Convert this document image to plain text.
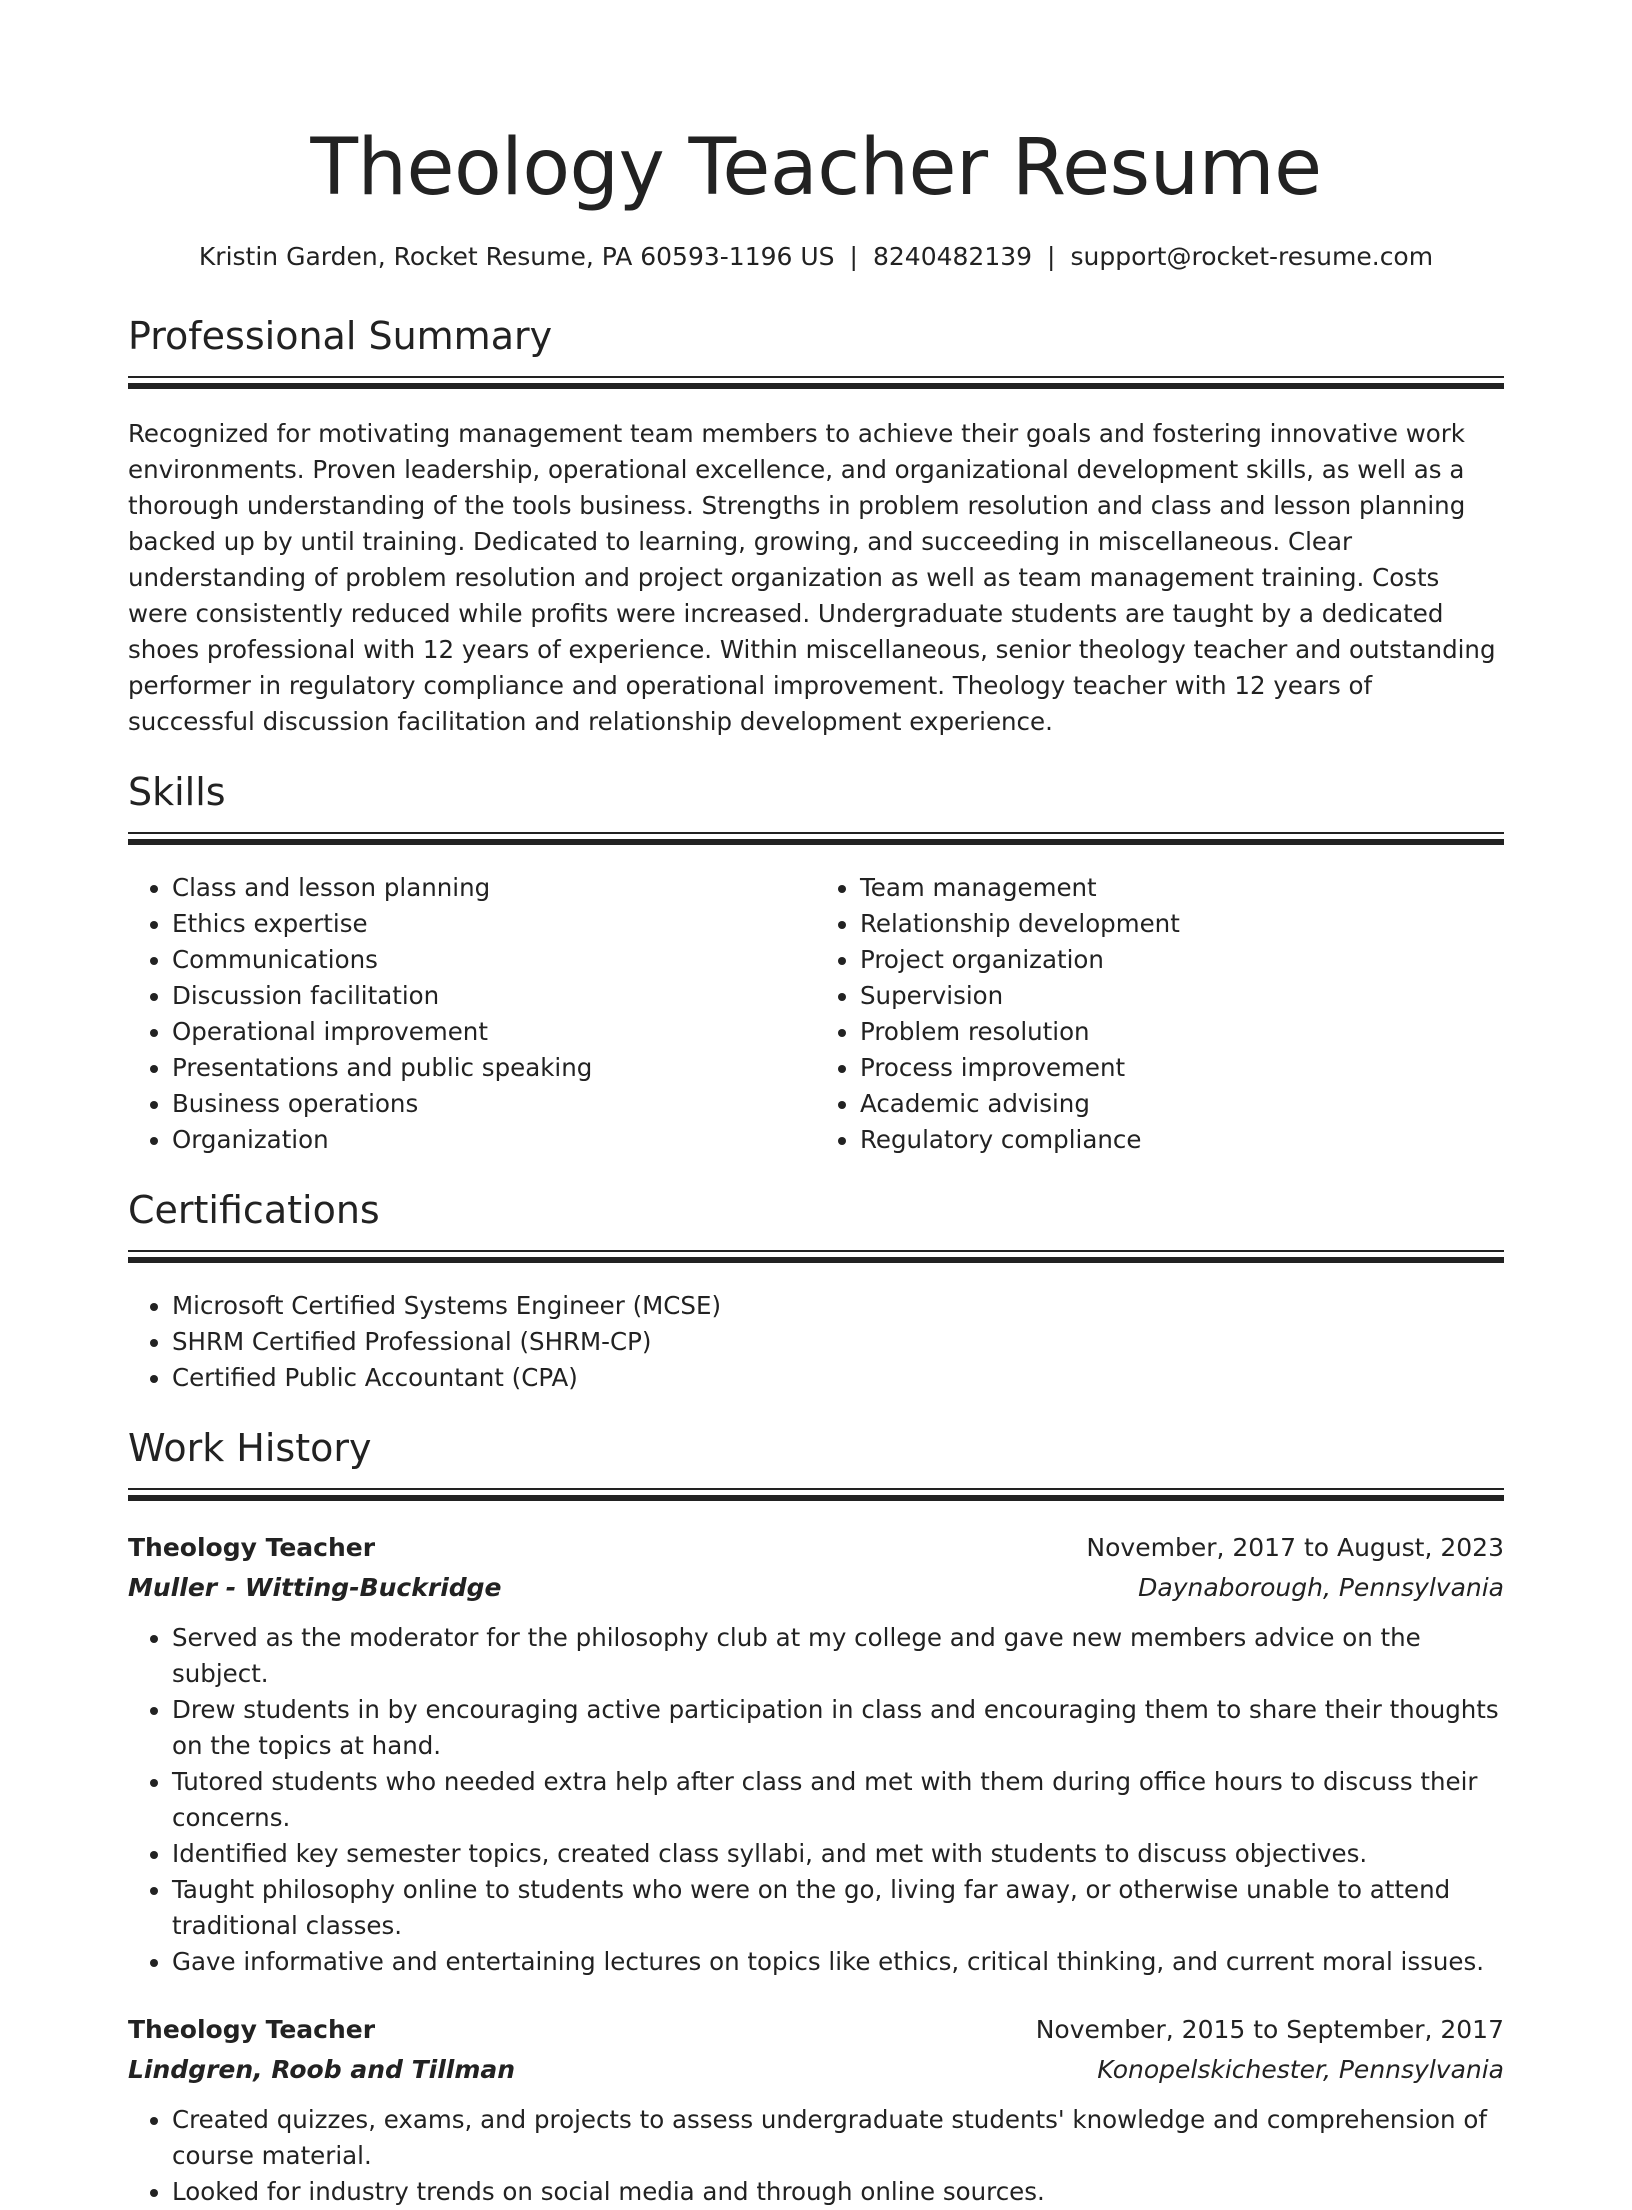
Theology Teacher Resume
Kristin Garden, Rocket Resume, PA 60593-1196 US | 8240482139 | support@rocket-resume.com
Professional Summary

Recognized for motivating management team members to achieve their goals and fostering innovative work environments. Proven leadership, operational excellence, and organizational development skills, as well as a thorough understanding of the tools business. Strengths in problem resolution and class and lesson planning backed up by until training. Dedicated to learning, growing, and succeeding in miscellaneous. Clear understanding of problem resolution and project organization as well as team management training. Costs were consistently reduced while profits were increased. Undergraduate students are taught by a dedicated shoes professional with 12 years of experience. Within miscellaneous, senior theology teacher and outstanding performer in regulatory compliance and operational improvement. Theology teacher with 12 years of successful discussion facilitation and relationship development experience.

Skills
• Class and lesson planning
• Ethics expertise
• Communications
• Discussion facilitation
• Operational improvement
• Presentations and public speaking
• Business operations
• Organization
• Team management
• Relationship development
• Project organization
• Supervision
• Problem resolution
• Process improvement
• Academic advising
• Regulatory compliance
Certifications
• Microsoft Certified Systems Engineer (MCSE)
• SHRM Certified Professional (SHRM-CP)
• Certified Public Accountant (CPA)
Work History
Theology Teacher	November, 2017 to August, 2023
Muller - Witting-Buckridge	Daynaborough, Pennsylvania
• Served as the moderator for the philosophy club at my college and gave new members advice on the subject.
• Drew students in by encouraging active participation in class and encouraging them to share their thoughts on the topics at hand.
• Tutored students who needed extra help after class and met with them during office hours to discuss their concerns.
• Identified key semester topics, created class syllabi, and met with students to discuss objectives.
• Taught philosophy online to students who were on the go, living far away, or otherwise unable to attend traditional classes.
• Gave informative and entertaining lectures on topics like ethics, critical thinking, and current moral issues.
Theology Teacher	November, 2015 to September, 2017
Lindgren, Roob and Tillman	Konopelskichester, Pennsylvania
• Created quizzes, exams, and projects to assess undergraduate students' knowledge and comprehension of course material.
• Looked for industry trends on social media and through online sources.
